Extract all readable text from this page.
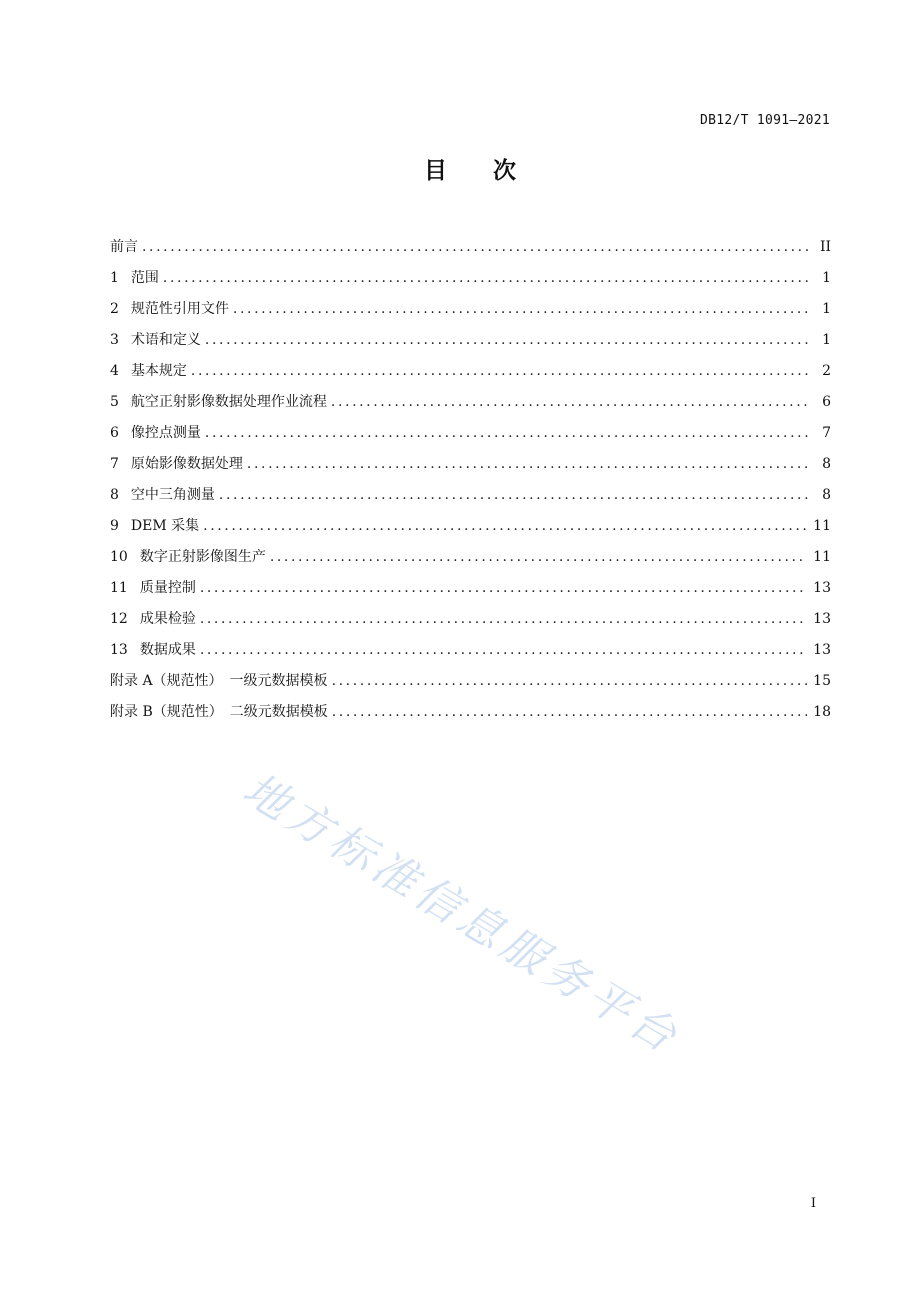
DB12/T 1091—2021
目 次
前言 .....	II
1 范围 .....	1
2 规范性引用文件 .....	1
3 术语和定义 .....	1
4 基本规定 .....	2
5 航空正射影像数据处理作业流程 .....	6
6 像控点测量 .....	7
7 原始影像数据处理 .....	8
8 空中三角测量 .....	8
9 DEM 采集 .....	11
10 数字正射影像图生产 .....	11
11 质量控制 .....	13
12 成果检验 .....	13
13 数据成果 .....	13
附录 A（规范性）　一级元数据模板 .....	15
附录 B（规范性）　二级元数据模板 .....	18
地方标准信息服务平台
I
